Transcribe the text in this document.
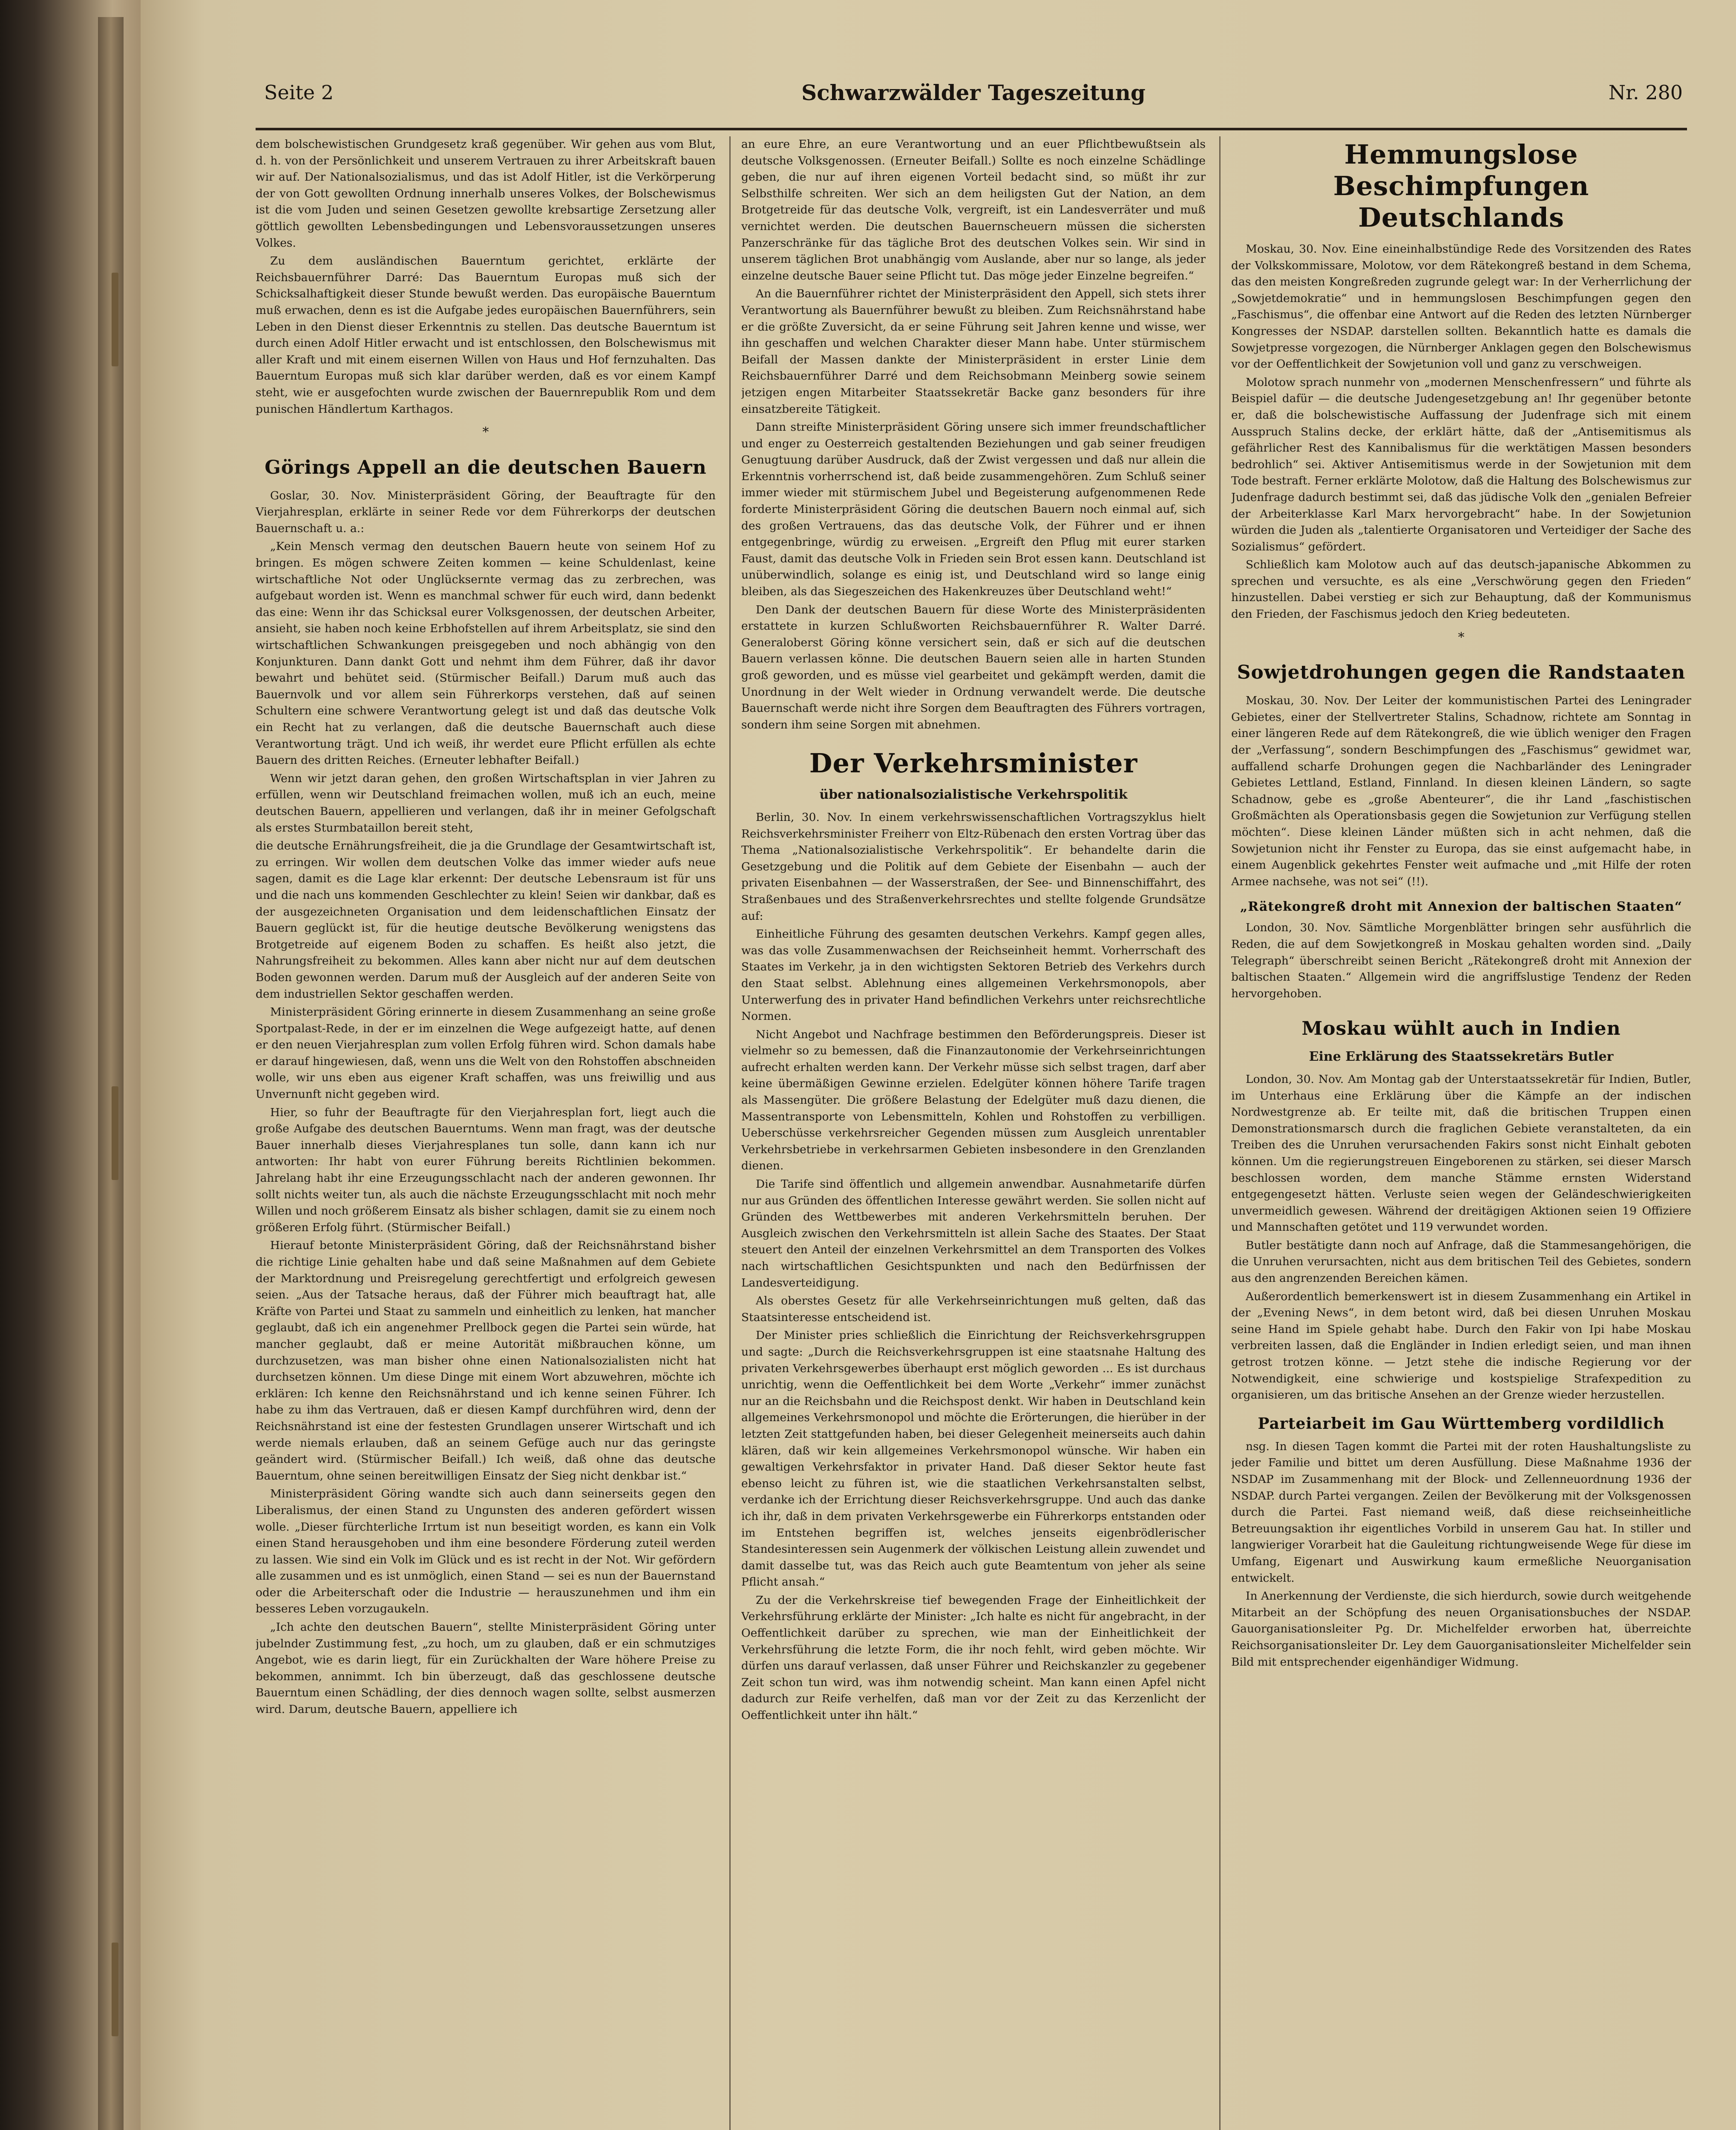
Seite 2	Schwarzwälder Tageszeitung	Nr. 280

dem bolschewistischen Grundgesetz kraß gegenüber. Wir gehen aus vom Blut, d. h. von der Persönlichkeit und unserem Vertrauen zu ihrer Arbeitskraft bauen wir auf. Der Nationalsozialismus, und das ist Adolf Hitler, ist die Verkörperung der von Gott gewollten Ordnung innerhalb unseres Volkes, der Bolschewismus ist die vom Juden und seinen Gesetzen gewollte krebsartige Zersetzung aller göttlich gewollten Lebensbedingungen und Lebensvoraussetzungen unseres Volkes.

Zu dem ausländischen Bauerntum gerichtet, erklärte der Reichsbauernführer Darré: Das Bauerntum Europas muß sich der Schicksalhaftigkeit dieser Stunde bewußt werden. Das europäische Bauerntum muß erwachen, denn es ist die Aufgabe jedes europäischen Bauernführers, sein Leben in den Dienst dieser Erkenntnis zu stellen. Das deutsche Bauerntum ist durch einen Adolf Hitler erwacht und ist entschlossen, den Bolschewismus mit aller Kraft und mit einem eisernen Willen von Haus und Hof fernzuhalten. Das Bauerntum Europas muß sich klar darüber werden, daß es vor einem Kampf steht, wie er ausgefochten wurde zwischen der Bauernrepublik Rom und dem punischen Händlertum Karthagos.

*
Görings Appell an die deutschen Bauern

Goslar, 30. Nov. Ministerpräsident Göring, der Beauftragte für den Vierjahresplan, erklärte in seiner Rede vor dem Führerkorps der deutschen Bauernschaft u. a.:

„Kein Mensch vermag den deutschen Bauern heute von seinem Hof zu bringen. Es mögen schwere Zeiten kommen — keine Schuldenlast, keine wirtschaftliche Not oder Unglücksernte vermag das zu zerbrechen, was aufgebaut worden ist. Wenn es manchmal schwer für euch wird, dann bedenkt das eine: Wenn ihr das Schicksal eurer Volksgenossen, der deutschen Arbeiter, ansieht, sie haben noch keine Erbhofstellen auf ihrem Arbeitsplatz, sie sind den wirtschaftlichen Schwankungen preisgegeben und noch abhängig von den Konjunkturen. Dann dankt Gott und nehmt ihm dem Führer, daß ihr davor bewahrt und behütet seid. (Stürmischer Beifall.) Darum muß auch das Bauernvolk und vor allem sein Führerkorps verstehen, daß auf seinen Schultern eine schwere Verantwortung gelegt ist und daß das deutsche Volk ein Recht hat zu verlangen, daß die deutsche Bauernschaft auch diese Verantwortung trägt. Und ich weiß, ihr werdet eure Pflicht erfüllen als echte Bauern des dritten Reiches. (Erneuter lebhafter Beifall.)

Wenn wir jetzt daran gehen, den großen Wirtschaftsplan in vier Jahren zu erfüllen, wenn wir Deutschland freimachen wollen, muß ich an euch, meine deutschen Bauern, appellieren und verlangen, daß ihr in meiner Gefolgschaft als erstes Sturmbataillon bereit steht,

die deutsche Ernährungsfreiheit, die ja die Grundlage der Gesamtwirtschaft ist, zu erringen. Wir wollen dem deutschen Volke das immer wieder aufs neue sagen, damit es die Lage klar erkennt: Der deutsche Lebensraum ist für uns und die nach uns kommenden Geschlechter zu klein! Seien wir dankbar, daß es der ausgezeichneten Organisation und dem leidenschaftlichen Einsatz der Bauern geglückt ist, für die heutige deutsche Bevölkerung wenigstens das Brotgetreide auf eigenem Boden zu schaffen. Es heißt also jetzt, die Nahrungsfreiheit zu bekommen. Alles kann aber nicht nur auf dem deutschen Boden gewonnen werden. Darum muß der Ausgleich auf der anderen Seite von dem industriellen Sektor geschaffen werden.

Ministerpräsident Göring erinnerte in diesem Zusammenhang an seine große Sportpalast-Rede, in der er im einzelnen die Wege aufgezeigt hatte, auf denen er den neuen Vierjahresplan zum vollen Erfolg führen wird. Schon damals habe er darauf hingewiesen, daß, wenn uns die Welt von den Rohstoffen abschneiden wolle, wir uns eben aus eigener Kraft schaffen, was uns freiwillig und aus Unvernunft nicht gegeben wird.

Hier, so fuhr der Beauftragte für den Vierjahresplan fort, liegt auch die große Aufgabe des deutschen Bauerntums. Wenn man fragt, was der deutsche Bauer innerhalb dieses Vierjahresplanes tun solle, dann kann ich nur antworten: Ihr habt von eurer Führung bereits Richtlinien bekommen. Jahrelang habt ihr eine Erzeugungsschlacht nach der anderen gewonnen. Ihr sollt nichts weiter tun, als auch die nächste Erzeugungsschlacht mit noch mehr Willen und noch größerem Einsatz als bisher schlagen, damit sie zu einem noch größeren Erfolg führt. (Stürmischer Beifall.)

Hierauf betonte Ministerpräsident Göring, daß der Reichsnährstand bisher die richtige Linie gehalten habe und daß seine Maßnahmen auf dem Gebiete der Marktordnung und Preisregelung gerechtfertigt und erfolgreich gewesen seien. „Aus der Tatsache heraus, daß der Führer mich beauftragt hat, alle Kräfte von Partei und Staat zu sammeln und einheitlich zu lenken, hat mancher geglaubt, daß ich ein angenehmer Prellbock gegen die Partei sein würde, hat mancher geglaubt, daß er meine Autorität mißbrauchen könne, um durchzusetzen, was man bisher ohne einen Nationalsozialisten nicht hat durchsetzen können. Um diese Dinge mit einem Wort abzuwehren, möchte ich erklären: Ich kenne den Reichsnährstand und ich kenne seinen Führer. Ich habe zu ihm das Vertrauen, daß er diesen Kampf durchführen wird, denn der Reichsnährstand ist eine der festesten Grundlagen unserer Wirtschaft und ich werde niemals erlauben, daß an seinem Gefüge auch nur das geringste geändert wird. (Stürmischer Beifall.) Ich weiß, daß ohne das deutsche Bauerntum, ohne seinen bereitwilligen Einsatz der Sieg nicht denkbar ist.“

Ministerpräsident Göring wandte sich auch dann seinerseits gegen den Liberalismus, der einen Stand zu Ungunsten des anderen gefördert wissen wolle. „Dieser fürchterliche Irrtum ist nun beseitigt worden, es kann ein Volk einen Stand herausgehoben und ihm eine besondere Förderung zuteil werden zu lassen. Wie sind ein Volk im Glück und es ist recht in der Not. Wir gefördern alle zusammen und es ist unmöglich, einen Stand — sei es nun der Bauernstand oder die Arbeiterschaft oder die Industrie — herauszunehmen und ihm ein besseres Leben vorzugaukeln.

„Ich achte den deutschen Bauern“, stellte Ministerpräsident Göring unter jubelnder Zustimmung fest, „zu hoch, um zu glauben, daß er ein schmutziges Angebot, wie es darin liegt, für ein Zurückhalten der Ware höhere Preise zu bekommen, annimmt. Ich bin überzeugt, daß das geschlossene deutsche Bauerntum einen Schädling, der dies dennoch wagen sollte, selbst ausmerzen wird. Darum, deutsche Bauern, appelliere ich

an eure Ehre, an eure Verantwortung und an euer Pflichtbewußtsein als deutsche Volksgenossen. (Erneuter Beifall.) Sollte es noch einzelne Schädlinge geben, die nur auf ihren eigenen Vorteil bedacht sind, so müßt ihr zur Selbsthilfe schreiten. Wer sich an dem heiligsten Gut der Nation, an dem Brotgetreide für das deutsche Volk, vergreift, ist ein Landesverräter und muß vernichtet werden. Die deutschen Bauernscheuern müssen die sichersten Panzerschränke für das tägliche Brot des deutschen Volkes sein. Wir sind in unserem täglichen Brot unabhängig vom Auslande, aber nur so lange, als jeder einzelne deutsche Bauer seine Pflicht tut. Das möge jeder Einzelne begreifen.“

An die Bauernführer richtet der Ministerpräsident den Appell, sich stets ihrer Verantwortung als Bauernführer bewußt zu bleiben. Zum Reichsnährstand habe er die größte Zuversicht, da er seine Führung seit Jahren kenne und wisse, wer ihn geschaffen und welchen Charakter dieser Mann habe. Unter stürmischem Beifall der Massen dankte der Ministerpräsident in erster Linie dem Reichsbauernführer Darré und dem Reichsobmann Meinberg sowie seinem jetzigen engen Mitarbeiter Staatssekretär Backe ganz besonders für ihre einsatzbereite Tätigkeit.

Dann streifte Ministerpräsident Göring unsere sich immer freundschaftlicher und enger zu Oesterreich gestaltenden Beziehungen und gab seiner freudigen Genugtuung darüber Ausdruck, daß der Zwist vergessen und daß nur allein die Erkenntnis vorherrschend ist, daß beide zusammengehören. Zum Schluß seiner immer wieder mit stürmischem Jubel und Begeisterung aufgenommenen Rede forderte Ministerpräsident Göring die deutschen Bauern noch einmal auf, sich des großen Vertrauens, das das deutsche Volk, der Führer und er ihnen entgegenbringe, würdig zu erweisen. „Ergreift den Pflug mit eurer starken Faust, damit das deutsche Volk in Frieden sein Brot essen kann. Deutschland ist unüberwindlich, solange es einig ist, und Deutschland wird so lange einig bleiben, als das Siegeszeichen des Hakenkreuzes über Deutschland weht!“

Den Dank der deutschen Bauern für diese Worte des Ministerpräsidenten erstattete in kurzen Schlußworten Reichsbauernführer R. Walter Darré. Generaloberst Göring könne versichert sein, daß er sich auf die deutschen Bauern verlassen könne. Die deutschen Bauern seien alle in harten Stunden groß geworden, und es müsse viel gearbeitet und gekämpft werden, damit die Unordnung in der Welt wieder in Ordnung verwandelt werde. Die deutsche Bauernschaft werde nicht ihre Sorgen dem Beauftragten des Führers vortragen, sondern ihm seine Sorgen mit abnehmen.

Der Verkehrsminister
über nationalsozialistische Verkehrspolitik

Berlin, 30. Nov. In einem verkehrswissenschaftlichen Vortragszyklus hielt Reichsverkehrsminister Freiherr von Eltz-Rübenach den ersten Vortrag über das Thema „Nationalsozialistische Verkehrspolitik“. Er behandelte darin die Gesetzgebung und die Politik auf dem Gebiete der Eisenbahn — auch der privaten Eisenbahnen — der Wasserstraßen, der See- und Binnenschiffahrt, des Straßenbaues und des Straßenverkehrsrechtes und stellte folgende Grundsätze auf:

Einheitliche Führung des gesamten deutschen Verkehrs. Kampf gegen alles, was das volle Zusammenwachsen der Reichseinheit hemmt. Vorherrschaft des Staates im Verkehr, ja in den wichtigsten Sektoren Betrieb des Verkehrs durch den Staat selbst. Ablehnung eines allgemeinen Verkehrsmonopols, aber Unterwerfung des in privater Hand befindlichen Verkehrs unter reichsrechtliche Normen.

Nicht Angebot und Nachfrage bestimmen den Beförderungspreis. Dieser ist vielmehr so zu bemessen, daß die Finanzautonomie der Verkehrseinrichtungen aufrecht erhalten werden kann. Der Verkehr müsse sich selbst tragen, darf aber keine übermäßigen Gewinne erzielen. Edelgüter können höhere Tarife tragen als Massengüter. Die größere Belastung der Edelgüter muß dazu dienen, die Massentransporte von Lebensmitteln, Kohlen und Rohstoffen zu verbilligen. Ueberschüsse verkehrsreicher Gegenden müssen zum Ausgleich unrentabler Verkehrsbetriebe in verkehrsarmen Gebieten insbesondere in den Grenzlanden dienen.

Die Tarife sind öffentlich und allgemein anwendbar. Ausnahmetarife dürfen nur aus Gründen des öffentlichen Interesse gewährt werden. Sie sollen nicht auf Gründen des Wettbewerbes mit anderen Verkehrsmitteln beruhen. Der Ausgleich zwischen den Verkehrsmitteln ist allein Sache des Staates. Der Staat steuert den Anteil der einzelnen Verkehrsmittel an dem Transporten des Volkes nach wirtschaftlichen Gesichtspunkten und nach den Bedürfnissen der Landesverteidigung.

Als oberstes Gesetz für alle Verkehrseinrichtungen muß gelten, daß das Staatsinteresse entscheidend ist.

Der Minister pries schließlich die Einrichtung der Reichsverkehrsgruppen und sagte: „Durch die Reichsverkehrsgruppen ist eine staatsnahe Haltung des privaten Verkehrsgewerbes überhaupt erst möglich geworden ... Es ist durchaus unrichtig, wenn die Oeffentlichkeit bei dem Worte „Verkehr“ immer zunächst nur an die Reichsbahn und die Reichspost denkt. Wir haben in Deutschland kein allgemeines Verkehrsmonopol und möchte die Erörterungen, die hierüber in der letzten Zeit stattgefunden haben, bei dieser Gelegenheit meinerseits auch dahin klären, daß wir kein allgemeines Verkehrsmonopol wünsche. Wir haben ein gewaltigen Verkehrsfaktor in privater Hand. Daß dieser Sektor heute fast ebenso leicht zu führen ist, wie die staatlichen Verkehrsanstalten selbst, verdanke ich der Errichtung dieser Reichsverkehrsgruppe. Und auch das danke ich ihr, daß in dem privaten Verkehrsgewerbe ein Führerkorps entstanden oder im Entstehen begriffen ist, welches jenseits eigenbrödlerischer Standesinteressen sein Augenmerk der völkischen Leistung allein zuwendet und damit dasselbe tut, was das Reich auch gute Beamtentum von jeher als seine Pflicht ansah.“

Zu der die Verkehrskreise tief bewegenden Frage der Einheitlichkeit der Verkehrsführung erklärte der Minister: „Ich halte es nicht für angebracht, in der Oeffentlichkeit darüber zu sprechen, wie man der Einheitlichkeit der Verkehrsführung die letzte Form, die ihr noch fehlt, wird geben möchte. Wir dürfen uns darauf verlassen, daß unser Führer und Reichskanzler zu gegebener Zeit schon tun wird, was ihm notwendig scheint. Man kann einen Apfel nicht dadurch zur Reife verhelfen, daß man vor der Zeit zu das Kerzenlicht der Oeffentlichkeit unter ihn hält.“

Hemmungslose Beschimpfungen Deutschlands

Moskau, 30. Nov. Eine eineinhalbstündige Rede des Vorsitzenden des Rates der Volkskommissare, Molotow, vor dem Rätekongreß bestand in dem Schema, das den meisten Kongreßreden zugrunde gelegt war: In der Verherrlichung der „Sowjetdemokratie“ und in hemmungslosen Beschimpfungen gegen den „Faschismus“, die offenbar eine Antwort auf die Reden des letzten Nürnberger Kongresses der NSDAP. darstellen sollten. Bekanntlich hatte es damals die Sowjetpresse vorgezogen, die Nürnberger Anklagen gegen den Bolschewismus vor der Oeffentlichkeit der Sowjetunion voll und ganz zu verschweigen.

Molotow sprach nunmehr von „modernen Menschenfressern“ und führte als Beispiel dafür — die deutsche Judengesetzgebung an! Ihr gegenüber betonte er, daß die bolschewistische Auffassung der Judenfrage sich mit einem Ausspruch Stalins decke, der erklärt hätte, daß der „Antisemitismus als gefährlicher Rest des Kannibalismus für die werktätigen Massen besonders bedrohlich“ sei. Aktiver Antisemitismus werde in der Sowjetunion mit dem Tode bestraft. Ferner erklärte Molotow, daß die Haltung des Bolschewismus zur Judenfrage dadurch bestimmt sei, daß das jüdische Volk den „genialen Befreier der Arbeiterklasse Karl Marx hervorgebracht“ habe. In der Sowjetunion würden die Juden als „talentierte Organisatoren und Verteidiger der Sache des Sozialismus“ gefördert.

Schließlich kam Molotow auch auf das deutsch-japanische Abkommen zu sprechen und versuchte, es als eine „Verschwörung gegen den Frieden“ hinzustellen. Dabei verstieg er sich zur Behauptung, daß der Kommunismus den Frieden, der Faschismus jedoch den Krieg bedeuteten.

*
Sowjetdrohungen gegen die Randstaaten

Moskau, 30. Nov. Der Leiter der kommunistischen Partei des Leningrader Gebietes, einer der Stellvertreter Stalins, Schadnow, richtete am Sonntag in einer längeren Rede auf dem Rätekongreß, die wie üblich weniger den Fragen der „Verfassung“, sondern Beschimpfungen des „Faschismus“ gewidmet war, auffallend scharfe Drohungen gegen die Nachbarländer des Leningrader Gebietes Lettland, Estland, Finnland. In diesen kleinen Ländern, so sagte Schadnow, gebe es „große Abenteurer“, die ihr Land „faschistischen Großmächten als Operationsbasis gegen die Sowjetunion zur Verfügung stellen möchten“. Diese kleinen Länder müßten sich in acht nehmen, daß die Sowjetunion nicht ihr Fenster zu Europa, das sie einst aufgemacht habe, in einem Augenblick gekehrtes Fenster weit aufmache und „mit Hilfe der roten Armee nachsehe, was not sei“ (!!).

„Rätekongreß droht mit Annexion der baltischen Staaten“

London, 30. Nov. Sämtliche Morgenblätter bringen sehr ausführlich die Reden, die auf dem Sowjetkongreß in Moskau gehalten worden sind. „Daily Telegraph“ überschreibt seinen Bericht „Rätekongreß droht mit Annexion der baltischen Staaten.“ Allgemein wird die angriffslustige Tendenz der Reden hervorgehoben.

Moskau wühlt auch in Indien
Eine Erklärung des Staatssekretärs Butler

London, 30. Nov. Am Montag gab der Unterstaatssekretär für Indien, Butler, im Unterhaus eine Erklärung über die Kämpfe an der indischen Nordwestgrenze ab. Er teilte mit, daß die britischen Truppen einen Demonstrationsmarsch durch die fraglichen Gebiete veranstalteten, da ein Treiben des die Unruhen verursachenden Fakirs sonst nicht Einhalt geboten können. Um die regierungstreuen Eingeborenen zu stärken, sei dieser Marsch beschlossen worden, dem manche Stämme ernsten Widerstand entgegengesetzt hätten. Verluste seien wegen der Geländeschwierigkeiten unvermeidlich gewesen. Während der dreitägigen Aktionen seien 19 Offiziere und Mannschaften getötet und 119 verwundet worden.

Butler bestätigte dann noch auf Anfrage, daß die Stammesangehörigen, die die Unruhen verursachten, nicht aus dem britischen Teil des Gebietes, sondern aus den angrenzenden Bereichen kämen.

Außerordentlich bemerkenswert ist in diesem Zusammenhang ein Artikel in der „Evening News“, in dem betont wird, daß bei diesen Unruhen Moskau seine Hand im Spiele gehabt habe. Durch den Fakir von Ipi habe Moskau verbreiten lassen, daß die Engländer in Indien erledigt seien, und man ihnen getrost trotzen könne. — Jetzt stehe die indische Regierung vor der Notwendigkeit, eine schwierige und kostspielige Strafexpedition zu organisieren, um das britische Ansehen an der Grenze wieder herzustellen.

Parteiarbeit im Gau Württemberg vordildlich

nsg. In diesen Tagen kommt die Partei mit der roten Haushaltungsliste zu jeder Familie und bittet um deren Ausfüllung. Diese Maßnahme 1936 der NSDAP im Zusammenhang mit der Block- und Zellenneuordnung 1936 der NSDAP. durch Partei vergangen. Zeilen der Bevölkerung mit der Volksgenossen durch die Partei. Fast niemand weiß, daß diese reichseinheitliche Betreuungsaktion ihr eigentliches Vorbild in unserem Gau hat. In stiller und langwieriger Vorarbeit hat die Gauleitung richtungweisende Wege für diese im Umfang, Eigenart und Auswirkung kaum ermeßliche Neuorganisation entwickelt.

In Anerkennung der Verdienste, die sich hierdurch, sowie durch weitgehende Mitarbeit an der Schöpfung des neuen Organisationsbuches der NSDAP. Gauorganisationsleiter Pg. Dr. Michelfelder erworben hat, überreichte Reichsorganisationsleiter Dr. Ley dem Gauorganisationsleiter Michelfelder sein Bild mit entsprechender eigenhändiger Widmung.
